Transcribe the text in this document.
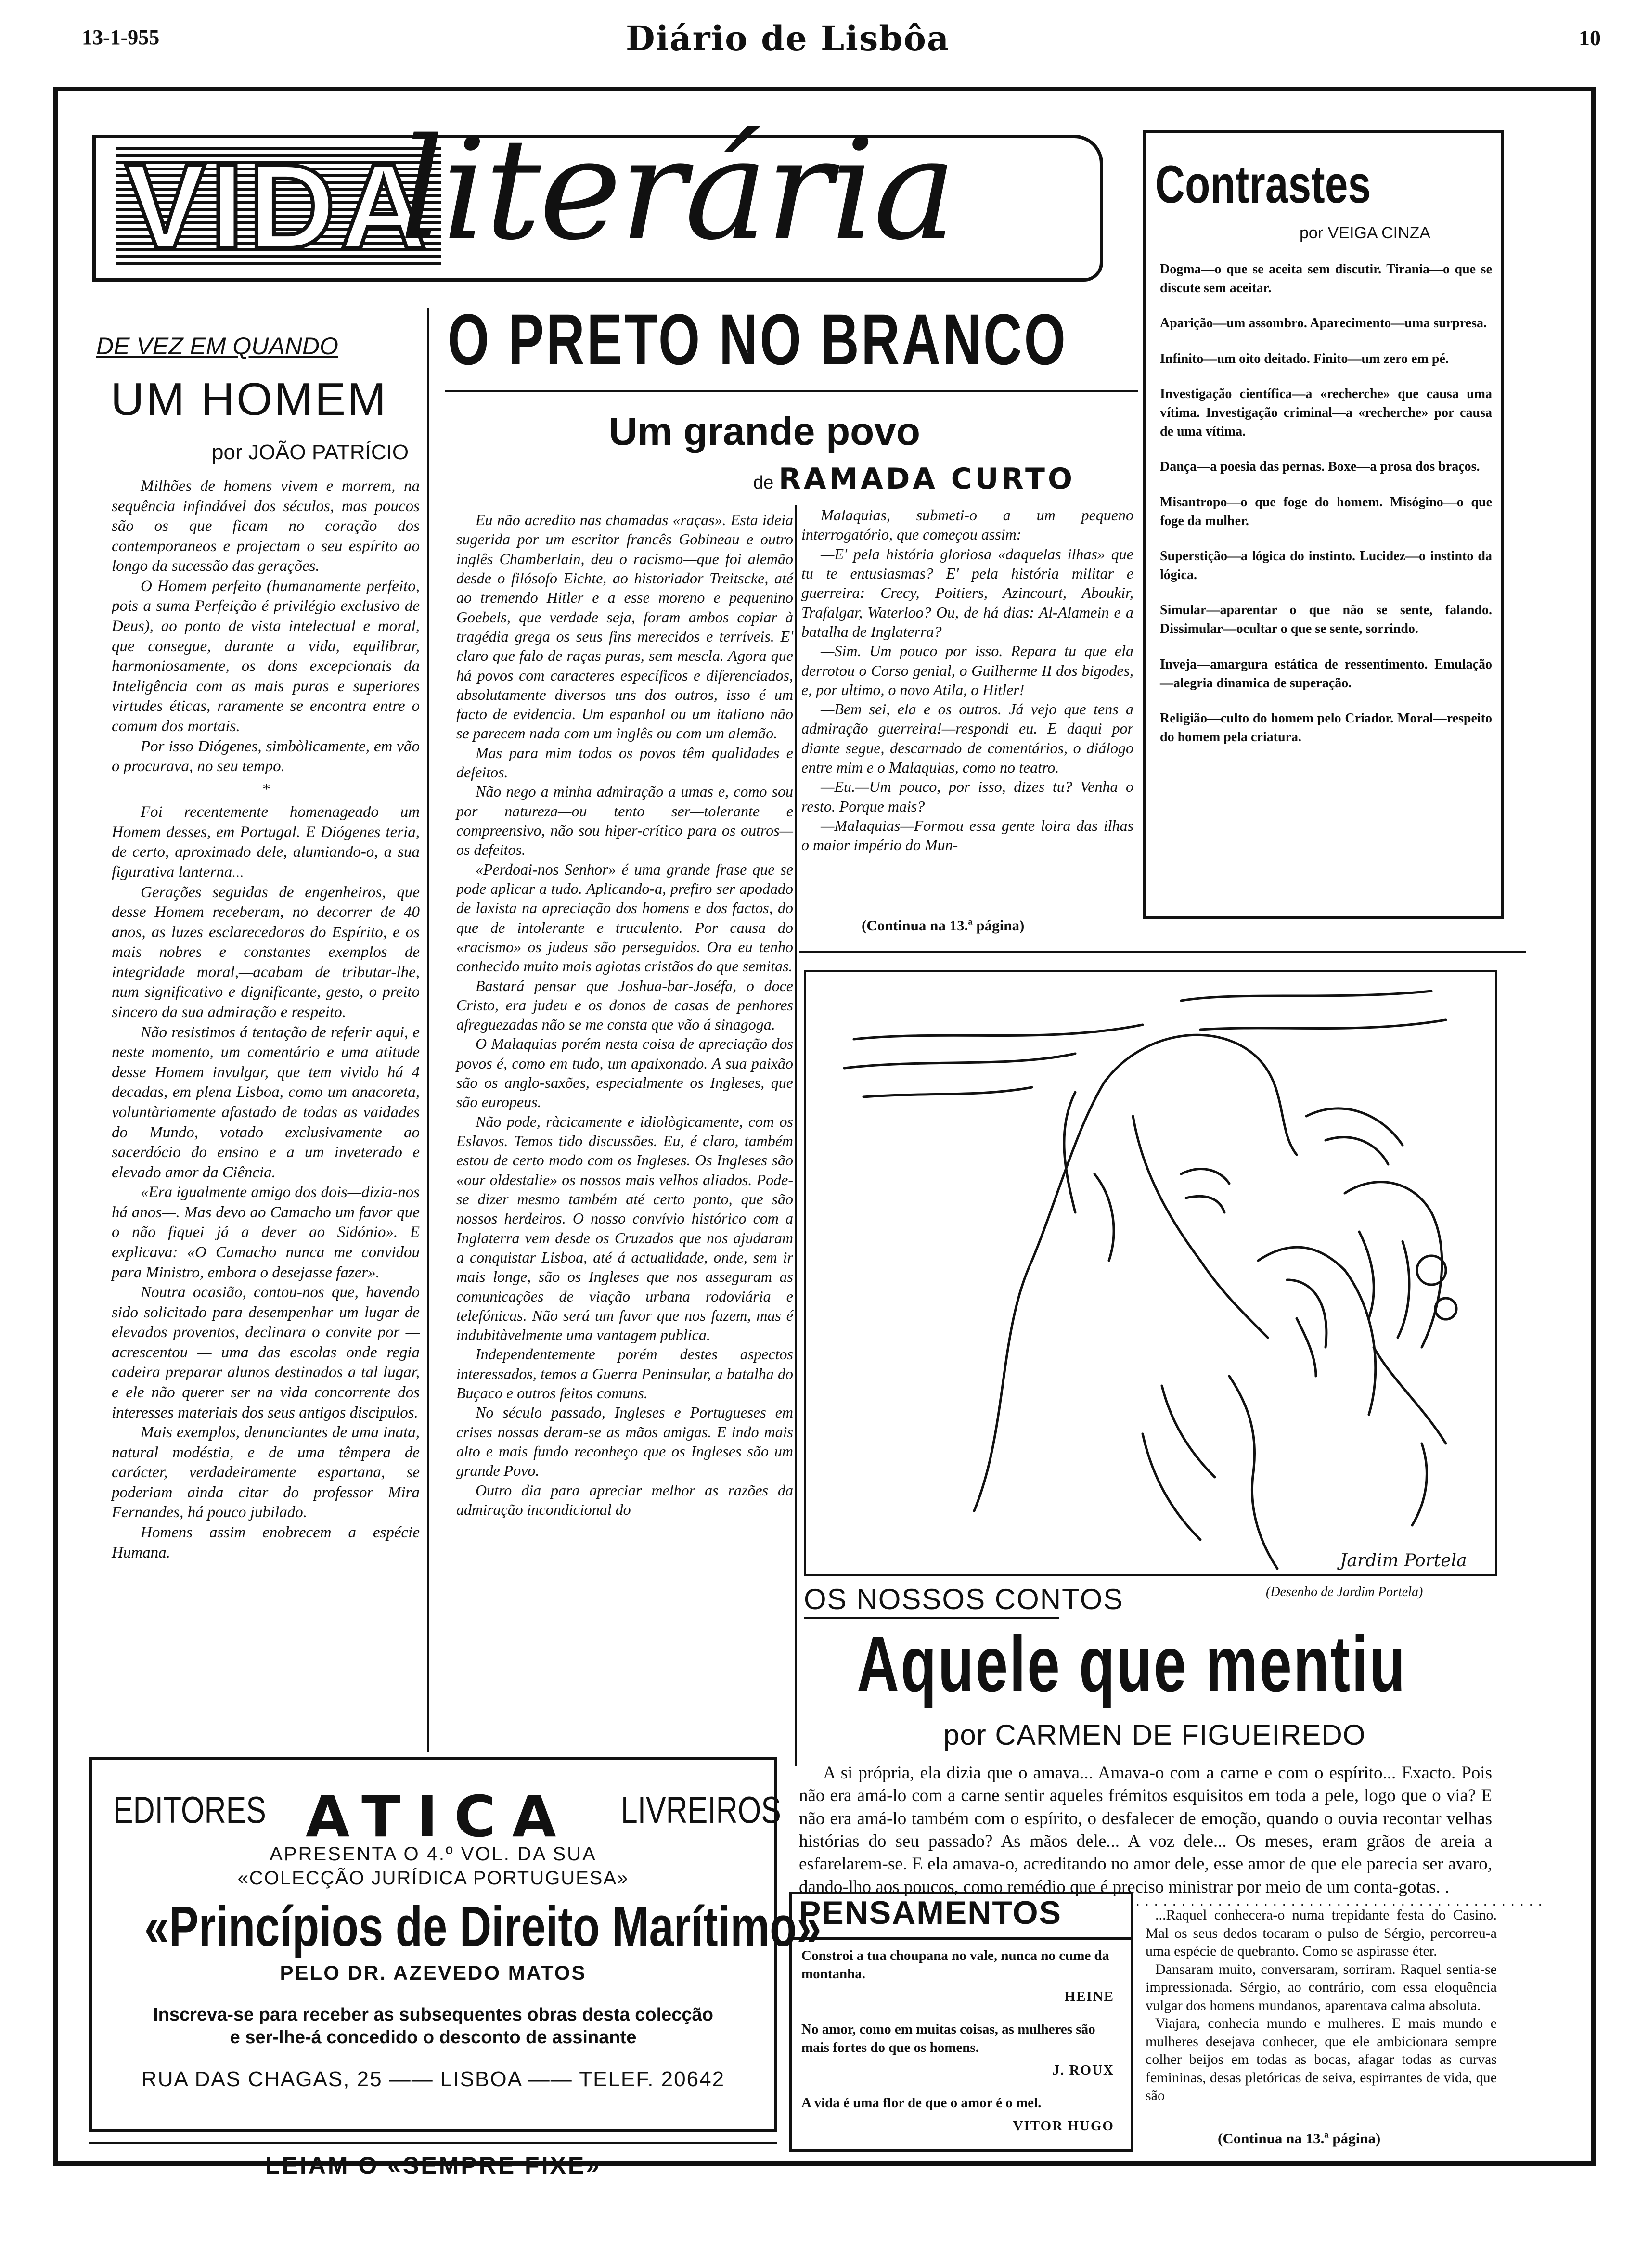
13-1-955	Diário de Lisbôa	10
VIDA
literária	Contrastes
por VEIGA CINZA

Dogma—o que se aceita sem discutir. Tirania—o que se discute sem aceitar.

Aparição—um assombro. Aparecimento—uma surpresa.

Infinito—um oito deitado. Finito—um zero em pé.

Investigação científica—a «recherche» que causa uma vítima. Investigação criminal—a «recherche» por causa de uma vítima.

Dança—a poesia das pernas. Boxe—a prosa dos braços.

Misantropo—o que foge do homem. Misógino—o que foge da mulher.

Superstição—a lógica do instinto. Lucidez—o instinto da lógica.

Simular—aparentar o que não se sente, falando. Dissimular—ocultar o que se sente, sorrindo.

Inveja—amargura estática de ressentimento. Emulação—alegria dinamica de superação.

Religião—culto do homem pelo Criador. Moral—respeito do homem pela criatura.

DE VEZ EM QUANDO
UM HOMEM
por JOÃO PATRÍCIO

Milhões de homens vivem e morrem, na sequência infindável dos séculos, mas poucos são os que ficam no coração dos contemporaneos e projectam o seu espírito ao longo da sucessão das gerações.

O Homem perfeito (humanamente perfeito, pois a suma Perfeição é privilégio exclusivo de Deus), ao ponto de vista intelectual e moral, que consegue, durante a vida, equilibrar, harmoniosamente, os dons excepcionais da Inteligência com as mais puras e superiores virtudes éticas, raramente se encontra entre o comum dos mortais.

Por isso Diógenes, simbòlicamente, em vão o procurava, no seu tempo.

*

Foi recentemente homenageado um Homem desses, em Portugal. E Diógenes teria, de certo, aproximado dele, alumiando-o, a sua figurativa lanterna...

Gerações seguidas de engenheiros, que desse Homem receberam, no decorrer de 40 anos, as luzes esclarecedoras do Espírito, e os mais nobres e constantes exemplos de integridade moral,—acabam de tributar-lhe, num significativo e dignificante, gesto, o preito sincero da sua admiração e respeito.

Não resistimos á tentação de referir aqui, e neste momento, um comentário e uma atitude desse Homem invulgar, que tem vivido há 4 decadas, em plena Lisboa, como um anacoreta, voluntàriamente afastado de todas as vaidades do Mundo, votado exclusivamente ao sacerdócio do ensino e a um inveterado e elevado amor da Ciência.

«Era igualmente amigo dos dois—dizia-nos há anos—. Mas devo ao Camacho um favor que o não fiquei já a dever ao Sidónio». E explicava: «O Camacho nunca me convidou para Ministro, embora o desejasse fazer».

Noutra ocasião, contou-nos que, havendo sido solicitado para desempenhar um lugar de elevados proventos, declinara o convite por — acrescentou — uma das escolas onde regia cadeira preparar alunos destinados a tal lugar, e ele não querer ser na vida concorrente dos interesses materiais dos seus antigos discipulos.

Mais exemplos, denunciantes de uma inata, natural modéstia, e de uma têmpera de carácter, verdadeiramente espartana, se poderiam ainda citar do professor Mira Fernandes, há pouco jubilado.

Homens assim enobrecem a espécie Humana.

O PRETO NO BRANCO
Um grande povo
de RAMADA CURTO

Eu não acredito nas chamadas «raças». Esta ideia sugerida por um escritor francês Gobineau e outro inglês Chamberlain, deu o racismo—que foi alemão desde o filósofo Eichte, ao historiador Treitscke, até ao tremendo Hitler e a esse moreno e pequenino Goebels, que verdade seja, foram ambos copiar à tragédia grega os seus fins merecidos e terríveis. E' claro que falo de raças puras, sem mescla. Agora que há povos com caracteres específicos e diferenciados, absolutamente diversos uns dos outros, isso é um facto de evidencia. Um espanhol ou um italiano não se parecem nada com um inglês ou com um alemão.

Mas para mim todos os povos têm qualidades e defeitos.

Não nego a minha admiração a umas e, como sou por natureza—ou tento ser—tolerante e compreensivo, não sou hiper-crítico para os outros—os defeitos.

«Perdoai-nos Senhor» é uma grande frase que se pode aplicar a tudo. Aplicando-a, prefiro ser apodado de laxista na apreciação dos homens e dos factos, do que de intolerante e truculento. Por causa do «racismo» os judeus são perseguidos. Ora eu tenho conhecido muito mais agiotas cristãos do que semitas.

Bastará pensar que Joshua-bar-Joséfa, o doce Cristo, era judeu e os donos de casas de penhores afreguezadas não se me consta que vão á sinagoga.

O Malaquias porém nesta coisa de apreciação dos povos é, como em tudo, um apaixonado. A sua paixão são os anglo-saxões, especialmente os Ingleses, que são europeus.

Não pode, ràcicamente e idiològicamente, com os Eslavos. Temos tido discussões. Eu, é claro, também estou de certo modo com os Ingleses. Os Ingleses são «our oldestalie» os nossos mais velhos aliados. Pode-se dizer mesmo também até certo ponto, que são nossos herdeiros. O nosso convívio histórico com a Inglaterra vem desde os Cruzados que nos ajudaram a conquistar Lisboa, até á actualidade, onde, sem ir mais longe, são os Ingleses que nos asseguram as comunicações de viação urbana rodoviária e telefónicas. Não será um favor que nos fazem, mas é indubitàvelmente uma vantagem publica.

Independentemente porém destes aspectos interessados, temos a Guerra Peninsular, a batalha do Buçaco e outros feitos comuns.

No século passado, Ingleses e Portugueses em crises nossas deram-se as mãos amigas. E indo mais alto e mais fundo reconheço que os Ingleses são um grande Povo.

Outro dia para apreciar melhor as razões da admiração incondicional do

Malaquias, submeti-o a um pequeno interrogatório, que começou assim:

—E' pela história gloriosa «daquelas ilhas» que tu te entusiasmas? E' pela história militar e guerreira: Crecy, Poitiers, Azincourt, Aboukir, Trafalgar, Waterloo? Ou, de há dias: Al-Alamein e a batalha de Inglaterra?

—Sim. Um pouco por isso. Repara tu que ela derrotou o Corso genial, o Guilherme II dos bigodes, e, por ultimo, o novo Atila, o Hitler!

—Bem sei, ela e os outros. Já vejo que tens a admiração guerreira!—respondi eu. E daqui por diante segue, descarnado de comentários, o diálogo entre mim e o Malaquias, como no teatro.

—Eu.—Um pouco, por isso, dizes tu? Venha o resto. Porque mais?

—Malaquias—Formou essa gente loira das ilhas o maior império do Mun-

(Continua na 13.ª página)
Jardim Portela
(Desenho de Jardim Portela)
OS NOSSOS CONTOS
Aquele que mentiu
por CARMEN DE FIGUEIREDO
A si própria, ela dizia que o amava... Amava-o com a carne e com o espírito... Exacto. Pois não era amá-lo com a carne sentir aqueles frémitos esquisitos em toda a pele, logo que o via? E não era amá-lo também com o espírito, o desfalecer de emoção, quando o ouvia recontar velhas histórias do seu passado? As mãos dele... A voz dele... Os meses, eram grãos de areia a esfarelarem-se. E ela amava-o, acreditando no amor dele, esse amor de que ele parecia ser avaro, dando-lho aos poucos, como remédio que é preciso ministrar por meio de um conta-gotas. .
. . . . . . . . . . . . . . . . . . . . . . . . . . . . . . . . . . . . . . . . . . . . .

...Raquel conhecera-o numa trepidante festa do Casino. Mal os seus dedos tocaram o pulso de Sérgio, percorreu-a uma espécie de quebranto. Como se aspirasse éter.

Dansaram muito, conversaram, sorriram. Raquel sentia-se impressionada. Sérgio, ao contrário, com essa eloquência vulgar dos homens mundanos, aparentava calma absoluta.

Viajara, conhecia mundo e mulheres. E mais mundo e mulheres desejava conhecer, que ele ambicionara sempre colher beijos em todas as bocas, afagar todas as curvas femininas, desas pletóricas de seiva, espirrantes de vida, que são

(Continua na 13.ª página)
PENSAMENTOS

Constroi a tua choupana no vale, nunca no cume da montanha.

HEINE

No amor, como em muitas coisas, as mulheres são mais fortes do que os homens.

J. ROUX

A vida é uma flor de que o amor é o mel.

VITOR HUGO

EDITORES ATICA LIVREIROS
APRESENTA O 4.º VOL. DA SUA
«COLECÇÃO JURÍDICA PORTUGUESA»
«Princípios de Direito Marítimo»
PELO DR. AZEVEDO MATOS
Inscreva-se para receber as subsequentes obras desta colecção
e ser-lhe-á concedido o desconto de assinante
RUA DAS CHAGAS, 25 —— LISBOA —— TELEF. 20642
LEIAM O «SEMPRE FIXE»
